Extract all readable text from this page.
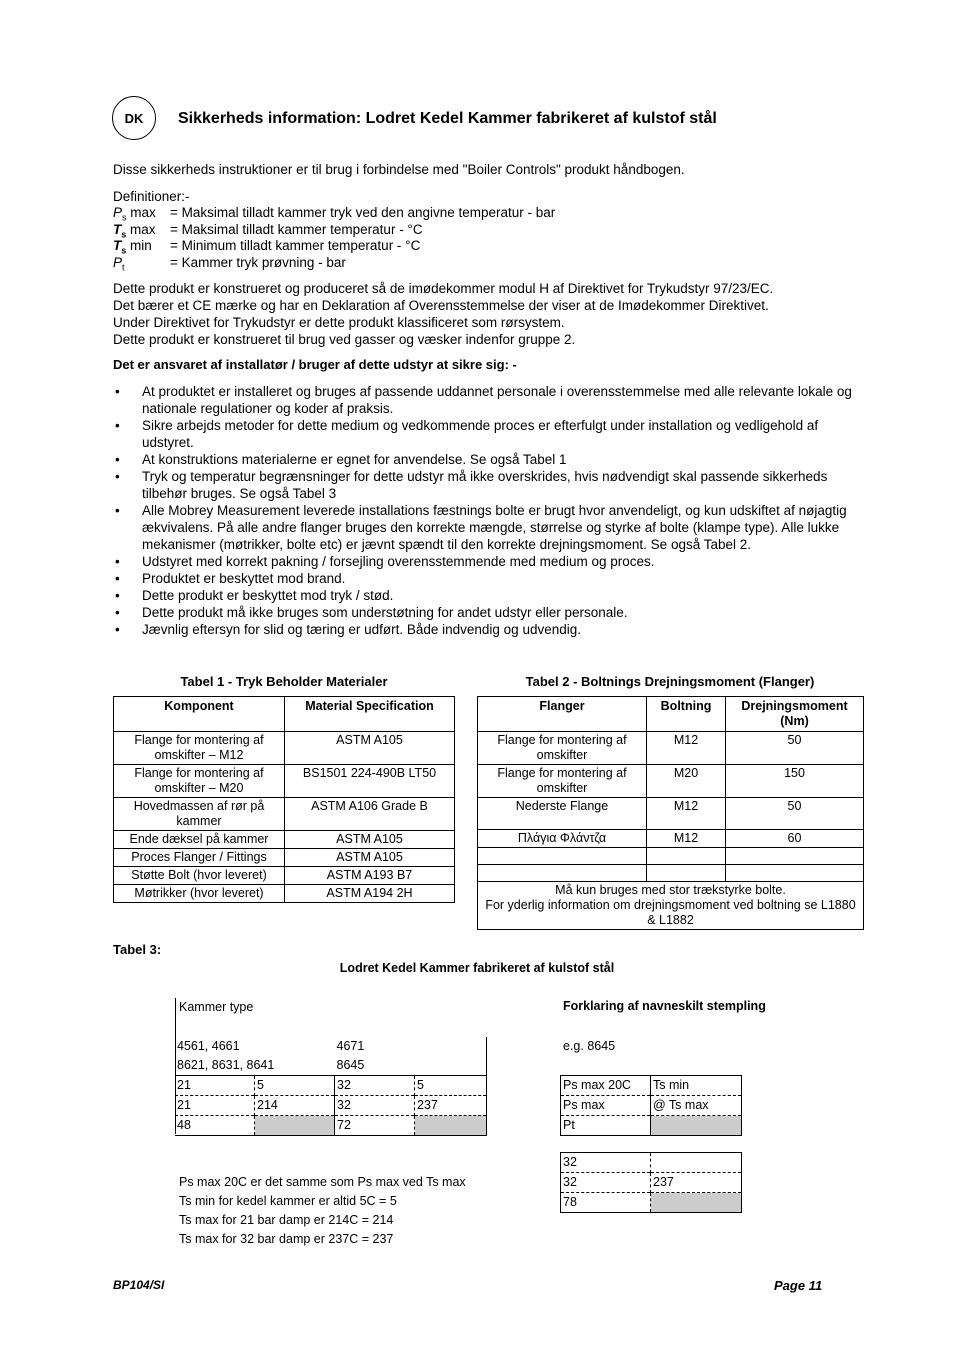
DK	Sikkerheds information: Lodret Kedel Kammer fabrikeret af kulstof stål
Disse sikkerheds instruktioner er til brug i forbindelse med "Boiler Controls" produkt håndbogen.
Definitioner:-
$P_s$ max = Maksimal tilladt kammer tryk ved den angivne temperatur - bar
$T_s$ max = Maksimal tilladt kammer temperatur - °C
$T_s$ min = Minimum tilladt kammer temperatur - °C
$P_t$	= Kammer tryk prøvning - bar
Dette produkt er konstrueret og produceret så de imødekommer modul H af Direktivet for Trykudstyr 97/23/EC.
Det bærer et CE mærke og har en Deklaration af Overensstemmelse der viser at de Imødekommer Direktivet.
Under Direktivet for Trykudstyr er dette produkt klassificeret som rørsystem.
Dette produkt er konstrueret til brug ved gasser og væsker indenfor gruppe 2.
Det er ansvaret af installatør / bruger af dette udstyr at sikre sig: -
• At produktet er installeret og bruges af passende uddannet personale i overensstemmelse med alle relevante lokale og nationale regulationer og koder af praksis.
• Sikre arbejds metoder for dette medium og vedkommende proces er efterfulgt under installation og vedligehold af udstyret.
• At konstruktions materialerne er egnet for anvendelse. Se også Tabel 1
• Tryk og temperatur begrænsninger for dette udstyr må ikke overskrides, hvis nødvendigt skal passende sikkerheds tilbehør bruges. Se også Tabel 3
• Alle Mobrey Measurement leverede installations fæstnings bolte er brugt hvor anvendeligt, og kun udskiftet af nøjagtig ækvivalens. På alle andre flanger bruges den korrekte mængde, størrelse og styrke af bolte (klampe type). Alle lukke mekanismer (møtrikker, bolte etc) er jævnt spændt til den korrekte drejningsmoment. Se også Tabel 2.
• Udstyret med korrekt pakning / forsejling overensstemmende med medium og proces.
• Produktet er beskyttet mod brand.
• Dette produkt er beskyttet mod tryk / stød.
• Dette produkt må ikke bruges som understøtning for andet udstyr eller personale.
• Jævnlig eftersyn for slid og tæring er udført. Både indvendig og udvendig.
Tabel 1 - Tryk Beholder Materialer
Komponent	Material Specification
Flange for montering af omskifter – M12	ASTM A105
Flange for montering af omskifter – M20	BS1501 224-490B LT50
Hovedmassen af rør på kammer	ASTM A106 Grade B
Ende dæksel på kammer	ASTM A105
Proces Flanger / Fittings	ASTM A105
Støtte Bolt (hvor leveret)	ASTM A193 B7
Møtrikker (hvor leveret)	ASTM A194 2H
Tabel 2 - Boltnings Drejningsmoment (Flanger)
Flanger	Boltning	Drejningsmoment (Nm)
Flange for montering af omskifter	M12	50
Flange for montering af omskifter	M20	150
Nederste Flange	M12	50
Πλάγια Φλάντζα	M12	60

Må kun bruges med stor trækstyrke bolte.
For yderlig information om drejningsmoment ved boltning se L1880 & L1882		
Tabel 3:
Lodret Kedel Kammer fabrikeret af kulstof stål
Kammer type
4561, 4661		4671	
8621, 8631, 8641		8645	
21	5	32	5
21	214	32	237
48		72	
Forklaring af navneskilt stempling
e.g. 8645
Ps max 20C	Ts min
Ps max	@ Ts max
Pt	
32	
32	237
78	
Ps max 20C er det samme som Ps max ved Ts max
Ts min for kedel kammer er altid 5C = 5
Ts max for 21 bar damp er 214C = 214
Ts max for 32 bar damp er 237C = 237
BP104/SI	Page 11
